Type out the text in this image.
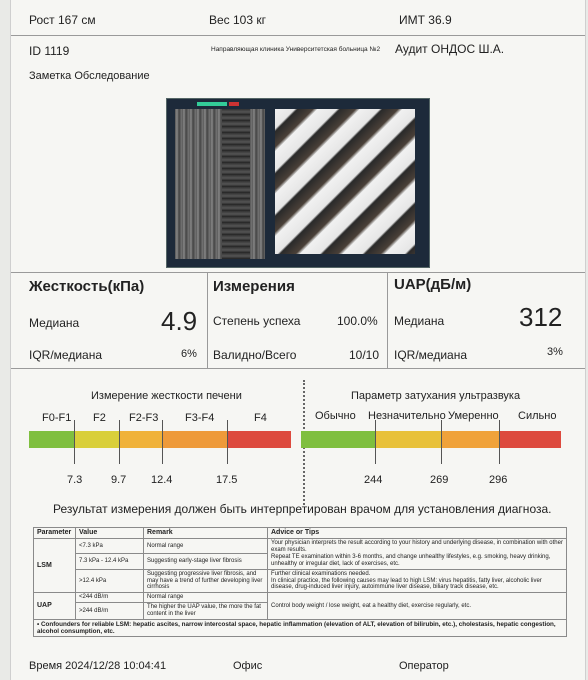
Рост 167 см	Вес 103 кг	ИМТ 36.9
ID 1119	Направляющая клиника Университетская больница №2 Аудит ОНДОС Ш.А.
Заметка Обследование
Жесткость(кПа)
Медиана	4.9
IQR/медиана	6%
Измерения
Степень успеха	100.0%
Валидно/Всего	10/10
UAP(дБ/м)
Медиана	312
IQR/медиана	3%
Измерение жесткости печени
F0-F1 F2 F2-F3 F3-F4	F4
7.3	9.7 12.4	17.5
Параметр затухания ультразвука
Обычно Незначительно Умеренно Сильно
244	269	296
Результат измерения должен быть интерпретирован врачом для установления диагноза.
Parameter	Value	Remark	Advice or Tips
LSM	<7.3 kPa	Normal range	Your physician interprets the result according to your history and underlying disease, in combination with other exam results.
Repeat TE examination within 3-6 months, and change unhealthy lifestyles, e.g. smoking, heavy drinking, unhealthy or irregular diet, lack of exercises, etc.

	7.3 kPa - 12.4 kPa	Suggesting early-stage liver fibrosis	
	>12.4 kPa	Suggesting progressive liver fibrosis, and may have a trend of further developing liver cirrhosis	Further clinical examinations needed.
In clinical practice, the following causes may lead to high LSM: virus hepatitis, fatty liver, alcoholic liver disease, drug-induced liver injury, autoimmune liver disease, biliary track disease, etc.

UAP	<244 dB/m	Normal range	Control body weight / lose weight, eat a healthy diet, exercise regularly, etc.
	>244 dB/m	The higher the UAP value, the more the fat content in the liver	
• Confounders for reliable LSM: hepatic ascites, narrow intercostal space, hepatic inflammation (elevation of ALT, elevation of bilirubin, etc.), cholestasis, hepatic congestion, alcohol consumption, etc.			
Время 2024/12/28 10:04:41	Офис	Оператор
